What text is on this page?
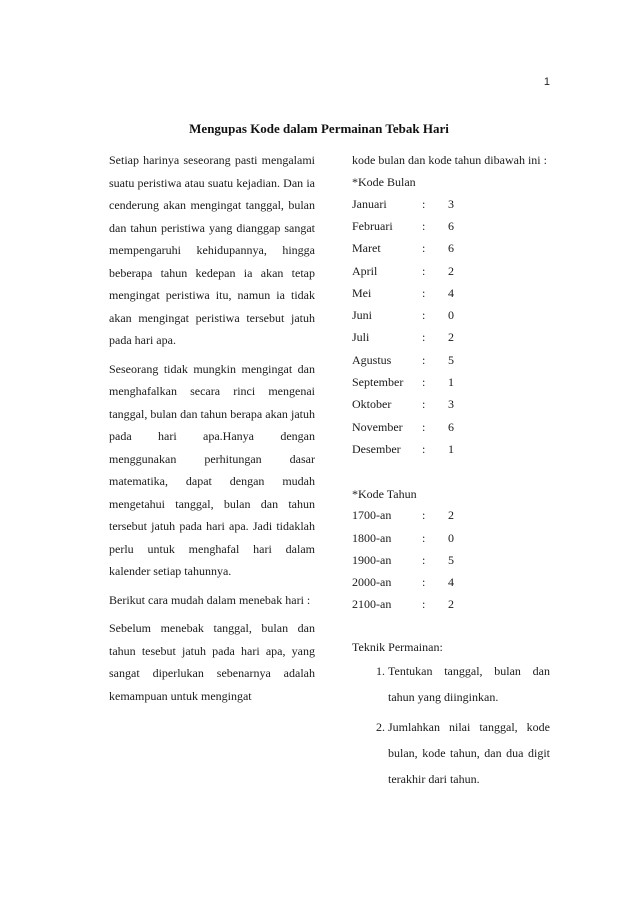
1
Mengupas Kode dalam Permainan Tebak Hari

Setiap harinya seseorang pasti mengalami suatu peristiwa atau suatu kejadian. Dan ia cenderung akan mengingat tanggal, bulan dan tahun peristiwa yang dianggap sangat mempengaruhi kehidupannya, hingga beberapa tahun kedepan ia akan tetap mengingat peristiwa itu, namun ia tidak akan mengingat peristiwa tersebut jatuh pada hari apa.

Seseorang tidak mungkin mengingat dan menghafalkan secara rinci mengenai tanggal, bulan dan tahun berapa akan jatuh pada hari apa.Hanya dengan menggunakan perhitungan dasar matematika, dapat dengan mudah mengetahui tanggal, bulan dan tahun tersebut jatuh pada hari apa. Jadi tidaklah perlu untuk menghafal hari dalam kalender setiap tahunnya.

Berikut cara mudah dalam menebak hari :

Sebelum menebak tanggal, bulan dan tahun tesebut jatuh pada hari apa, yang sangat diperlukan sebenarnya adalah kemampuan untuk mengingat

kode bulan dan kode tahun dibawah ini :

*Kode Bulan

Januari	:	3
Februari	:	6
Maret	:	6
April	:	2
Mei	:	4
Juni	:	0
Juli	:	2
Agustus	:	5
September	:	1
Oktober	:	3
November	:	6
Desember	:	1

*Kode Tahun

1700-an	:	2
1800-an	:	0
1900-an	:	5
2000-an	:	4
2100-an	:	2

Teknik Permainan:

1. Tentukan tanggal, bulan dan tahun yang diinginkan.
2. Jumlahkan nilai tanggal, kode bulan, kode tahun, dan dua digit terakhir dari tahun.
